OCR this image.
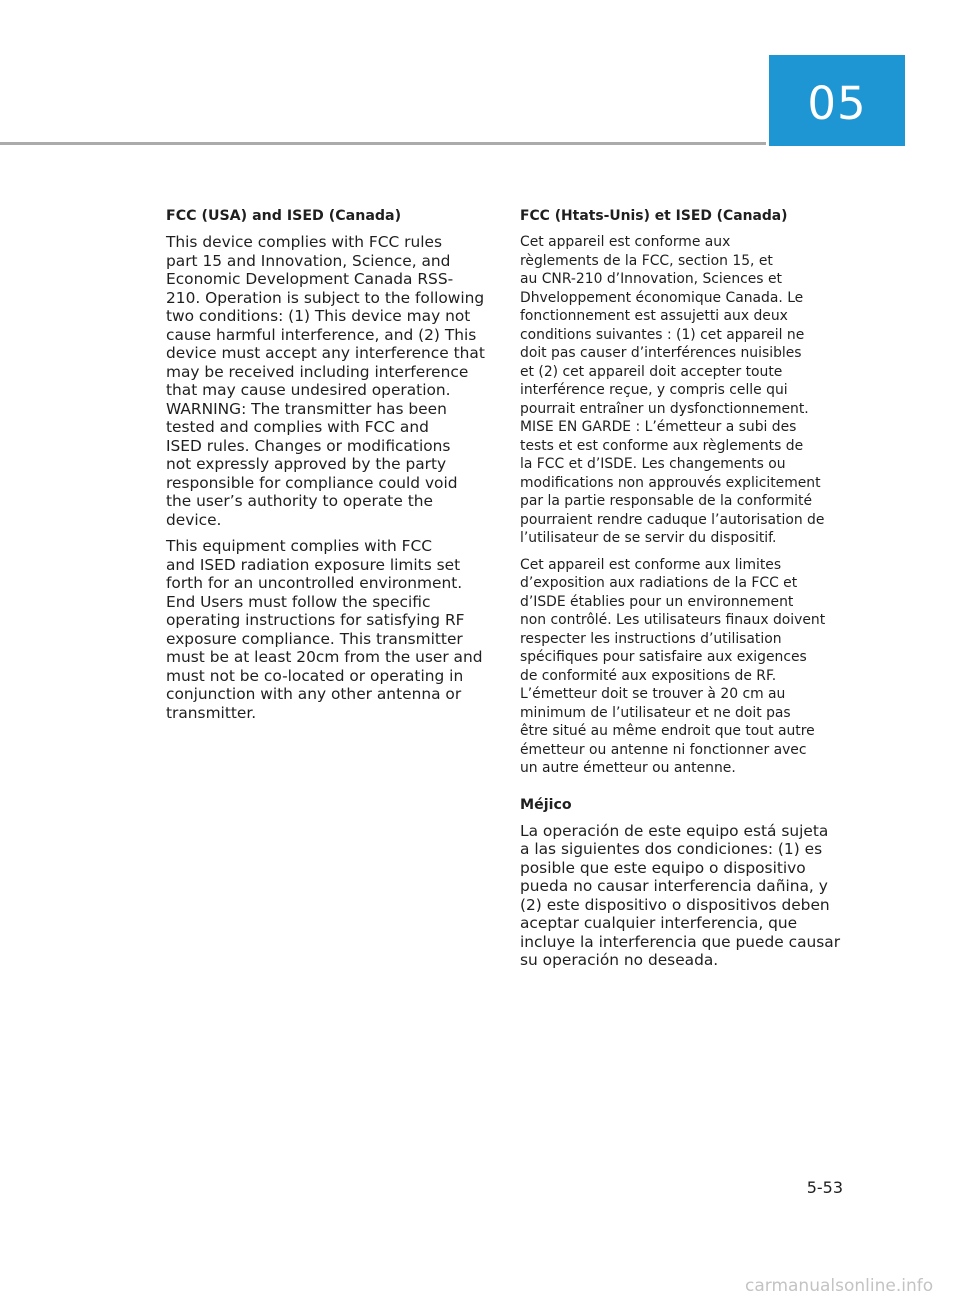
05
FCC (USA) and ISED (Canada)
This device complies with FCC rules
part 15 and Innovation, Science, and
Economic Development Canada RSS-
210. Operation is subject to the following
two conditions: (1) This device may not
cause harmful interference, and (2) This
device must accept any interference that
may be received including interference
that may cause undesired operation.
WARNING: The transmitter has been
tested and complies with FCC and
ISED rules. Changes or modifications
not expressly approved by the party
responsible for compliance could void
the user’s authority to operate the
device.
This equipment complies with FCC
and ISED radiation exposure limits set
forth for an uncontrolled environment.
End Users must follow the specific
operating instructions for satisfying RF
exposure compliance. This transmitter
must be at least 20cm from the user and
must not be co-located or operating in
conjunction with any other antenna or
transmitter.
FCC (Htats-Unis) et ISED (Canada)
Cet appareil est conforme aux
règlements de la FCC, section 15, et
au CNR-210 d’Innovation, Sciences et
Dhveloppement économique Canada. Le
fonctionnement est assujetti aux deux
conditions suivantes : (1) cet appareil ne
doit pas causer d’interférences nuisibles
et (2) cet appareil doit accepter toute
interférence reçue, y compris celle qui
pourrait entraîner un dysfonctionnement.
MISE EN GARDE : L’émetteur a subi des
tests et est conforme aux règlements de
la FCC et d’ISDE. Les changements ou
modifications non approuvés explicitement
par la partie responsable de la conformité
pourraient rendre caduque l’autorisation de
l’utilisateur de se servir du dispositif.
Cet appareil est conforme aux limites
d’exposition aux radiations de la FCC et
d’ISDE établies pour un environnement
non contrôlé. Les utilisateurs finaux doivent
respecter les instructions d’utilisation
spécifiques pour satisfaire aux exigences
de conformité aux expositions de RF.
L’émetteur doit se trouver à 20 cm au
minimum de l’utilisateur et ne doit pas
être situé au même endroit que tout autre
émetteur ou antenne ni fonctionner avec
un autre émetteur ou antenne.
Méjico
La operación de este equipo está sujeta
a las siguientes dos condiciones: (1) es
posible que este equipo o dispositivo
pueda no causar interferencia dañina, y
(2) este dispositivo o dispositivos deben
aceptar cualquier interferencia, que
incluye la interferencia que puede causar
su operación no deseada.
5-53
carmanualsonline.info
